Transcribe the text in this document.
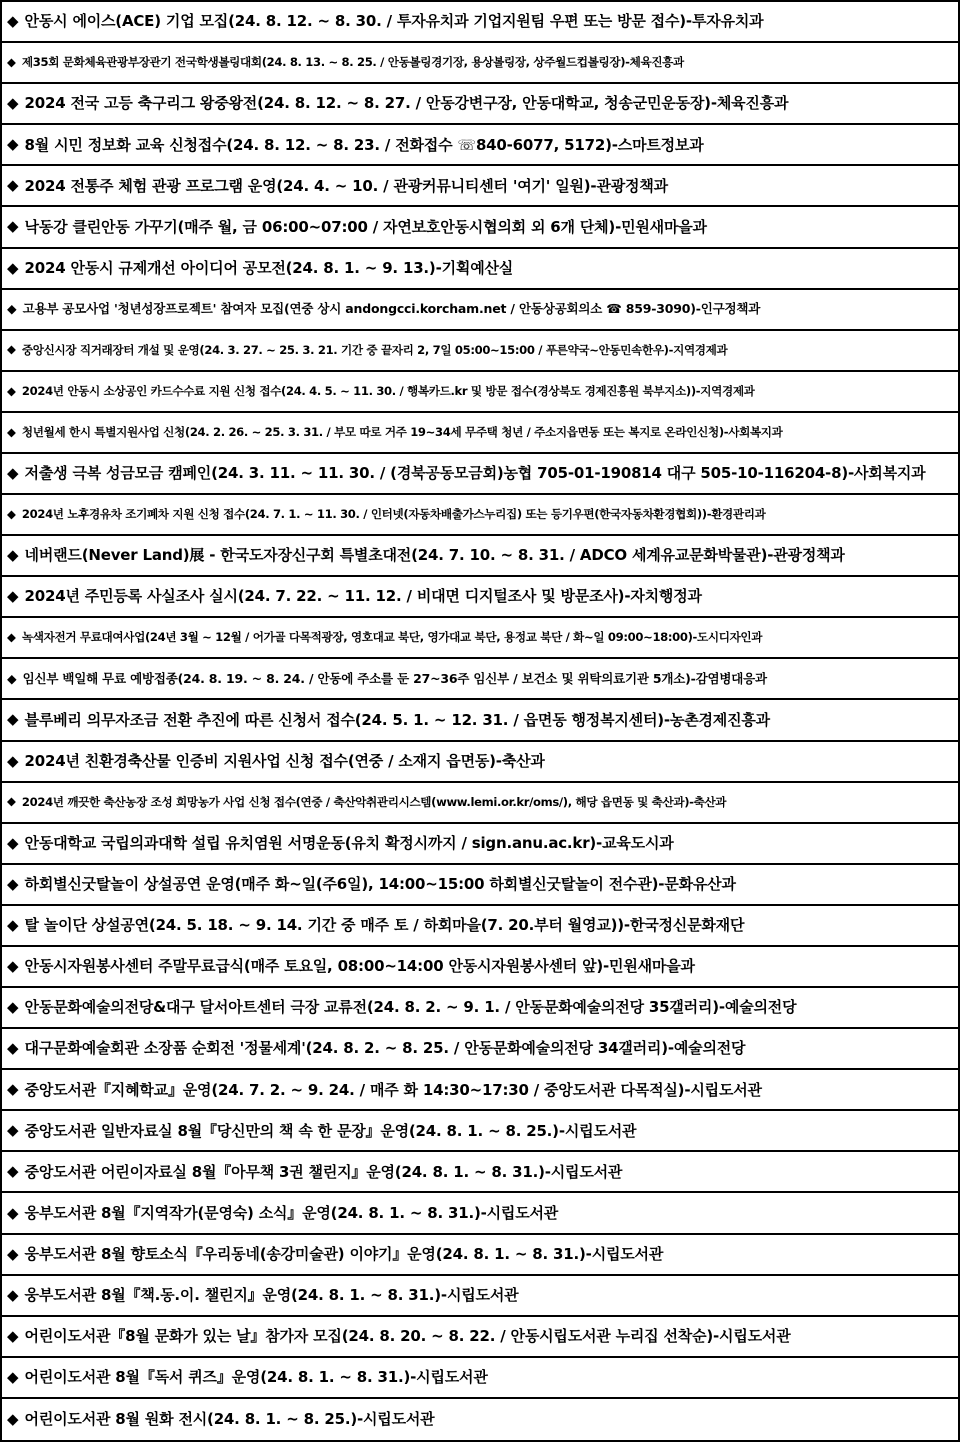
◆ 안동시 에이스(ACE) 기업 모집(24. 8. 12. ~ 8. 30. / 투자유치과 기업지원팀 우편 또는 방문 접수)-투자유치과
◆ 제35회 문화체육관광부장관기 전국학생볼링대회(24. 8. 13. ~ 8. 25. / 안동볼링경기장, 용상볼링장, 상주월드컵볼링장)-체육진흥과
◆ 2024 전국 고등 축구리그 왕중왕전(24. 8. 12. ~ 8. 27. / 안동강변구장, 안동대학교, 청송군민운동장)-체육진흥과
◆ 8월 시민 정보화 교육 신청접수(24. 8. 12. ~ 8. 23. / 전화접수 ☏840-6077, 5172)-스마트정보과
◆ 2024 전통주 체험 관광 프로그램 운영(24. 4. ~ 10. / 관광커뮤니티센터 '여기' 일원)-관광정책과
◆ 낙동강 클린안동 가꾸기(매주 월, 금 06:00~07:00 / 자연보호안동시협의회 외 6개 단체)-민원새마을과
◆ 2024 안동시 규제개선 아이디어 공모전(24. 8. 1. ~ 9. 13.)-기획예산실
◆ 고용부 공모사업 '청년성장프로젝트' 참여자 모집(연중 상시 andongcci.korcham.net / 안동상공회의소 ☎ 859-3090)-인구정책과
◆ 중앙신시장 직거래장터 개설 및 운영(24. 3. 27. ~ 25. 3. 21. 기간 중 끝자리 2, 7일 05:00~15:00 / 푸른약국~안동민속한우)-지역경제과
◆ 2024년 안동시 소상공인 카드수수료 지원 신청 접수(24. 4. 5. ~ 11. 30. / 행복카드.kr 및 방문 접수(경상북도 경제진흥원 북부지소))-지역경제과
◆ 청년월세 한시 특별지원사업 신청(24. 2. 26. ~ 25. 3. 31. / 부모 따로 거주 19~34세 무주택 청년 / 주소지읍면동 또는 복지로 온라인신청)-사회복지과
◆ 저출생 극복 성금모금 캠페인(24. 3. 11. ~ 11. 30. / (경북공동모금회)농협 705-01-190814 대구 505-10-116204-8)-사회복지과
◆ 2024년 노후경유차 조기폐차 지원 신청 접수(24. 7. 1. ~ 11. 30. / 인터넷(자동차배출가스누리집) 또는 등기우편(한국자동차환경협회))-환경관리과
◆ 네버랜드(Never Land)展 - 한국도자장신구회 특별초대전(24. 7. 10. ~ 8. 31. / ADCO 세계유교문화박물관)-관광정책과
◆ 2024년 주민등록 사실조사 실시(24. 7. 22. ~ 11. 12. / 비대면 디지털조사 및 방문조사)-자치행정과
◆ 녹색자전거 무료대여사업(24년 3월 ~ 12월 / 어가골 다목적광장, 영호대교 북단, 영가대교 북단, 용정교 북단 / 화~일 09:00~18:00)-도시디자인과
◆ 임신부 백일해 무료 예방접종(24. 8. 19. ~ 8. 24. / 안동에 주소를 둔 27~36주 임신부 / 보건소 및 위탁의료기관 5개소)-감염병대응과
◆ 블루베리 의무자조금 전환 추진에 따른 신청서 접수(24. 5. 1. ~ 12. 31. / 읍면동 행정복지센터)-농촌경제진흥과
◆ 2024년 친환경축산물 인증비 지원사업 신청 접수(연중 / 소재지 읍면동)-축산과
◆ 2024년 깨끗한 축산농장 조성 희망농가 사업 신청 접수(연중 / 축산악취관리시스템(www.lemi.or.kr/oms/), 해당 읍면동 및 축산과)-축산과
◆ 안동대학교 국립의과대학 설립 유치염원 서명운동(유치 확정시까지 / sign.anu.ac.kr)-교육도시과
◆ 하회별신굿탈놀이 상설공연 운영(매주 화~일(주6일), 14:00~15:00 하회별신굿탈놀이 전수관)-문화유산과
◆ 탈 놀이단 상설공연(24. 5. 18. ~ 9. 14. 기간 중 매주 토 / 하회마을(7. 20.부터 월영교))-한국정신문화재단
◆ 안동시자원봉사센터 주말무료급식(매주 토요일, 08:00~14:00 안동시자원봉사센터 앞)-민원새마을과
◆ 안동문화예술의전당&대구 달서아트센터 극장 교류전(24. 8. 2. ~ 9. 1. / 안동문화예술의전당 35갤러리)-예술의전당
◆ 대구문화예술회관 소장품 순회전 '정물세계'(24. 8. 2. ~ 8. 25. / 안동문화예술의전당 34갤러리)-예술의전당
◆ 중앙도서관『지혜학교』운영(24. 7. 2. ~ 9. 24. / 매주 화 14:30~17:30 / 중앙도서관 다목적실)-시립도서관
◆ 중앙도서관 일반자료실 8월『당신만의 책 속 한 문장』운영(24. 8. 1. ~ 8. 25.)-시립도서관
◆ 중앙도서관 어린이자료실 8월『아무책 3권 챌린지』운영(24. 8. 1. ~ 8. 31.)-시립도서관
◆ 웅부도서관 8월『지역작가(문영숙) 소식』운영(24. 8. 1. ~ 8. 31.)-시립도서관
◆ 웅부도서관 8월 향토소식『우리동네(송강미술관) 이야기』운영(24. 8. 1. ~ 8. 31.)-시립도서관
◆ 웅부도서관 8월『책.동.이. 챌린지』운영(24. 8. 1. ~ 8. 31.)-시립도서관
◆ 어린이도서관『8월 문화가 있는 날』참가자 모집(24. 8. 20. ~ 8. 22. / 안동시립도서관 누리집 선착순)-시립도서관
◆ 어린이도서관 8월『독서 퀴즈』운영(24. 8. 1. ~ 8. 31.)-시립도서관
◆ 어린이도서관 8월 원화 전시(24. 8. 1. ~ 8. 25.)-시립도서관
